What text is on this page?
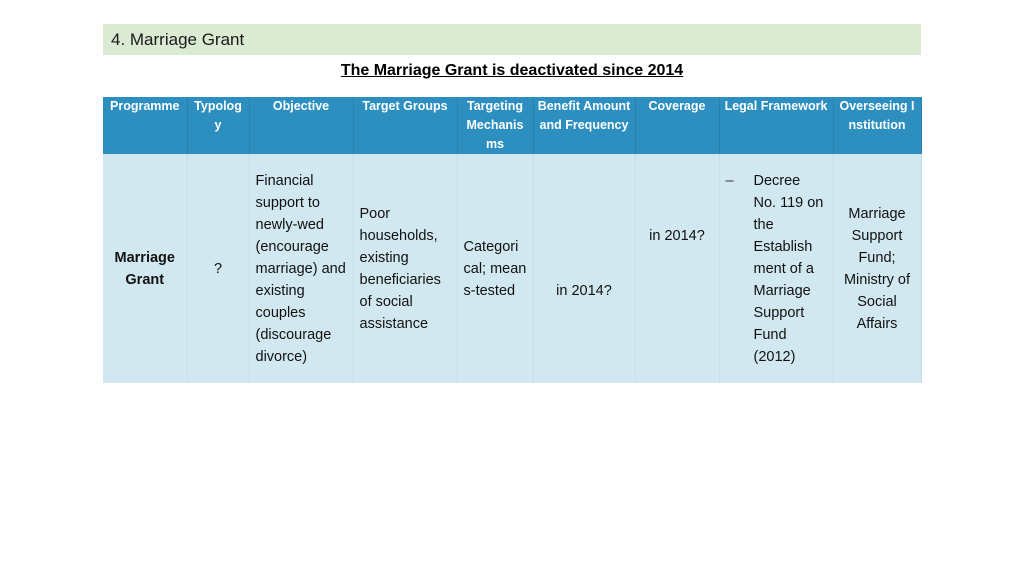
4. Marriage Grant
The Marriage Grant is deactivated since 2014
Programme	Typolog y	Objective	Target Groups	Targeting Mechanis ms	Benefit Amount and Frequency	Coverage	Legal Framework	Overseeing Institution
Marriage Grant	?	Financial support to newly-wed (encourage marriage) and existing couples (discourage divorce)	Poor households, existing beneficiaries of social assistance	Categori cal; means-tested	in 2014?	in 2014?	– Decree No. 119 on the Establish ment of a Marriage Support Fund (2012)	Marriage Support Fund; Ministry of Social Affairs
